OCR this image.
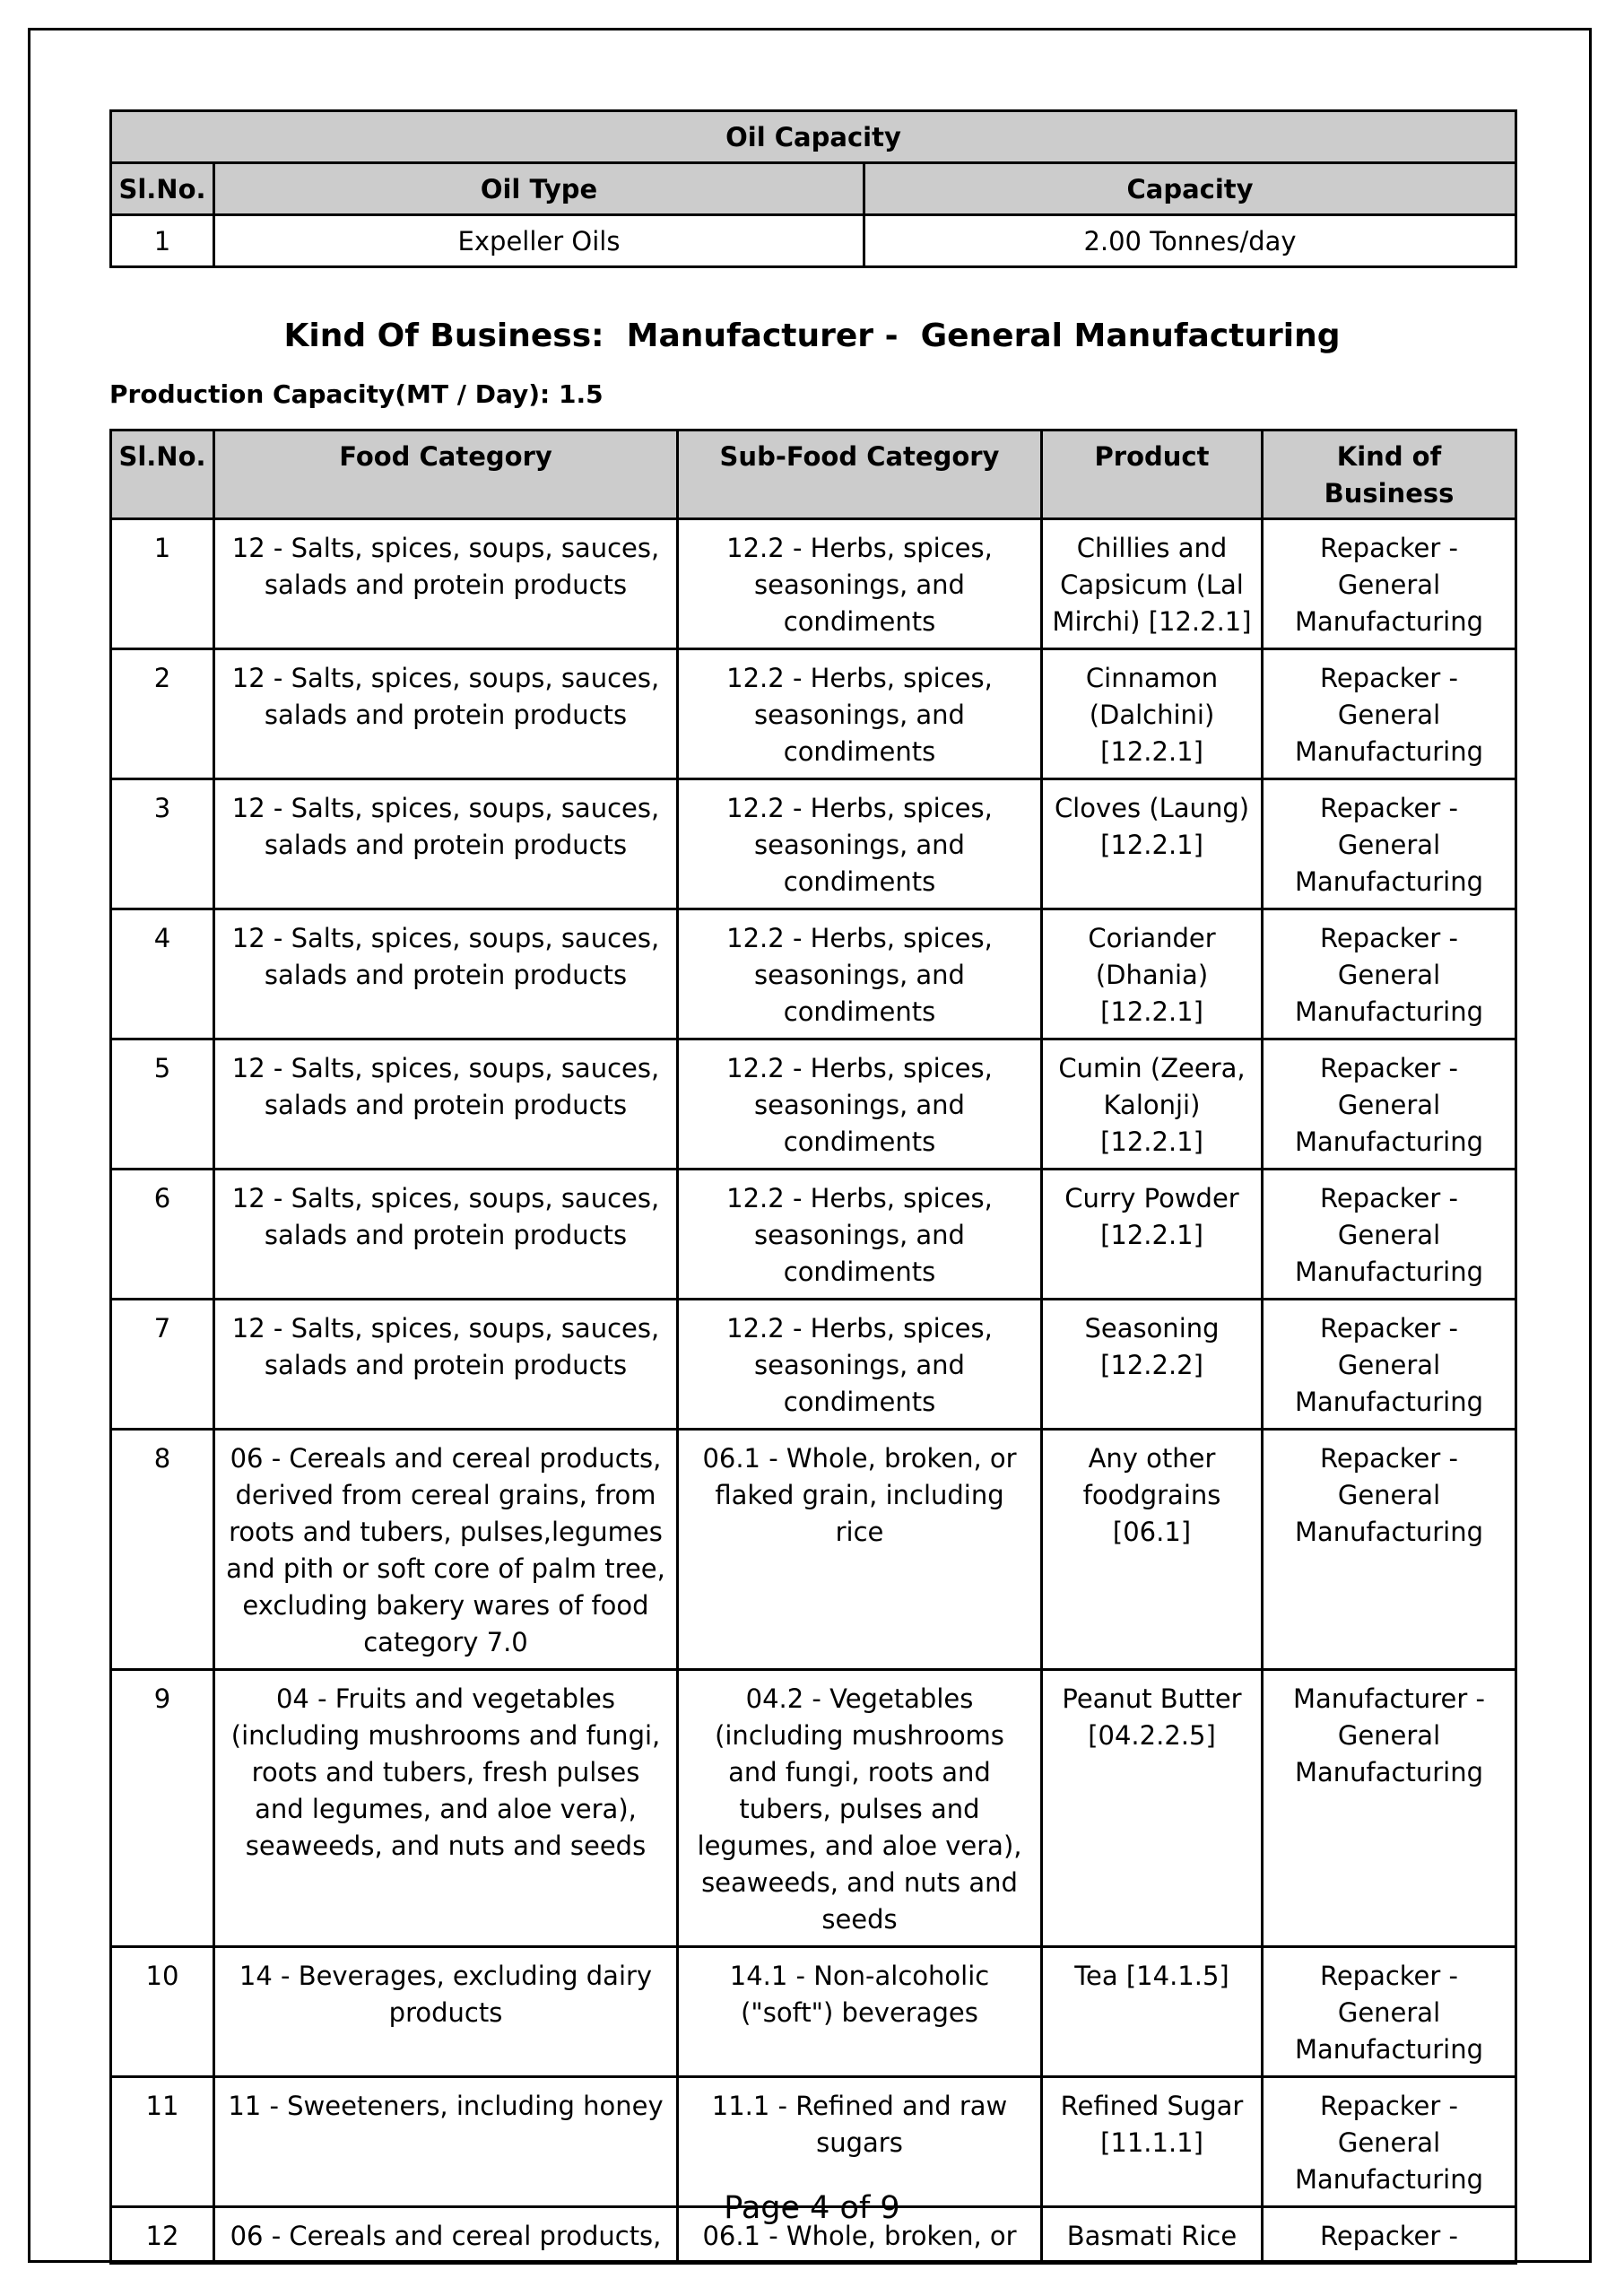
Oil Capacity		
Sl.No.	Oil Type	Capacity
1	Expeller Oils	2.00 Tonnes/day
Kind Of Business:  Manufacturer -  General Manufacturing
Production Capacity(MT / Day): 1.5
Sl.No.	Food Category	Sub-Food Category	Product	Kind of Business
1	12 - Salts, spices, soups, sauces, salads and protein products	12.2 - Herbs, spices, seasonings, and condiments	Chillies and Capsicum (Lal Mirchi) [12.2.1]	Repacker - General Manufacturing
2	12 - Salts, spices, soups, sauces, salads and protein products	12.2 - Herbs, spices, seasonings, and condiments	Cinnamon (Dalchini) [12.2.1]	Repacker - General Manufacturing
3	12 - Salts, spices, soups, sauces, salads and protein products	12.2 - Herbs, spices, seasonings, and condiments	Cloves (Laung) [12.2.1]	Repacker - General Manufacturing
4	12 - Salts, spices, soups, sauces, salads and protein products	12.2 - Herbs, spices, seasonings, and condiments	Coriander (Dhania) [12.2.1]	Repacker - General Manufacturing
5	12 - Salts, spices, soups, sauces, salads and protein products	12.2 - Herbs, spices, seasonings, and condiments	Cumin (Zeera, Kalonji) [12.2.1]	Repacker - General Manufacturing
6	12 - Salts, spices, soups, sauces, salads and protein products	12.2 - Herbs, spices, seasonings, and condiments	Curry Powder [12.2.1]	Repacker - General Manufacturing
7	12 - Salts, spices, soups, sauces, salads and protein products	12.2 - Herbs, spices, seasonings, and condiments	Seasoning [12.2.2]	Repacker - General Manufacturing
8	06 - Cereals and cereal products, derived from cereal grains, from roots and tubers, pulses,legumes and pith or soft core of palm tree, excluding bakery wares of food category 7.0	06.1 - Whole, broken, or flaked grain, including rice	Any other foodgrains [06.1]	Repacker - General Manufacturing
9	04 - Fruits and vegetables (including mushrooms and fungi, roots and tubers, fresh pulses and legumes, and aloe vera), seaweeds, and nuts and seeds	04.2 - Vegetables (including mushrooms and fungi, roots and tubers, pulses and legumes, and aloe vera), seaweeds, and nuts and seeds	Peanut Butter [04.2.2.5]	Manufacturer - General Manufacturing
10	14 - Beverages, excluding dairy products	14.1 - Non-alcoholic ("soft") beverages	Tea [14.1.5]	Repacker - General Manufacturing
11	11 - Sweeteners, including honey	11.1 - Refined and raw sugars	Refined Sugar [11.1.1]	Repacker - General Manufacturing
12	06 - Cereals and cereal products,	06.1 - Whole, broken, or	Basmati Rice	Repacker -
Page 4 of 9
